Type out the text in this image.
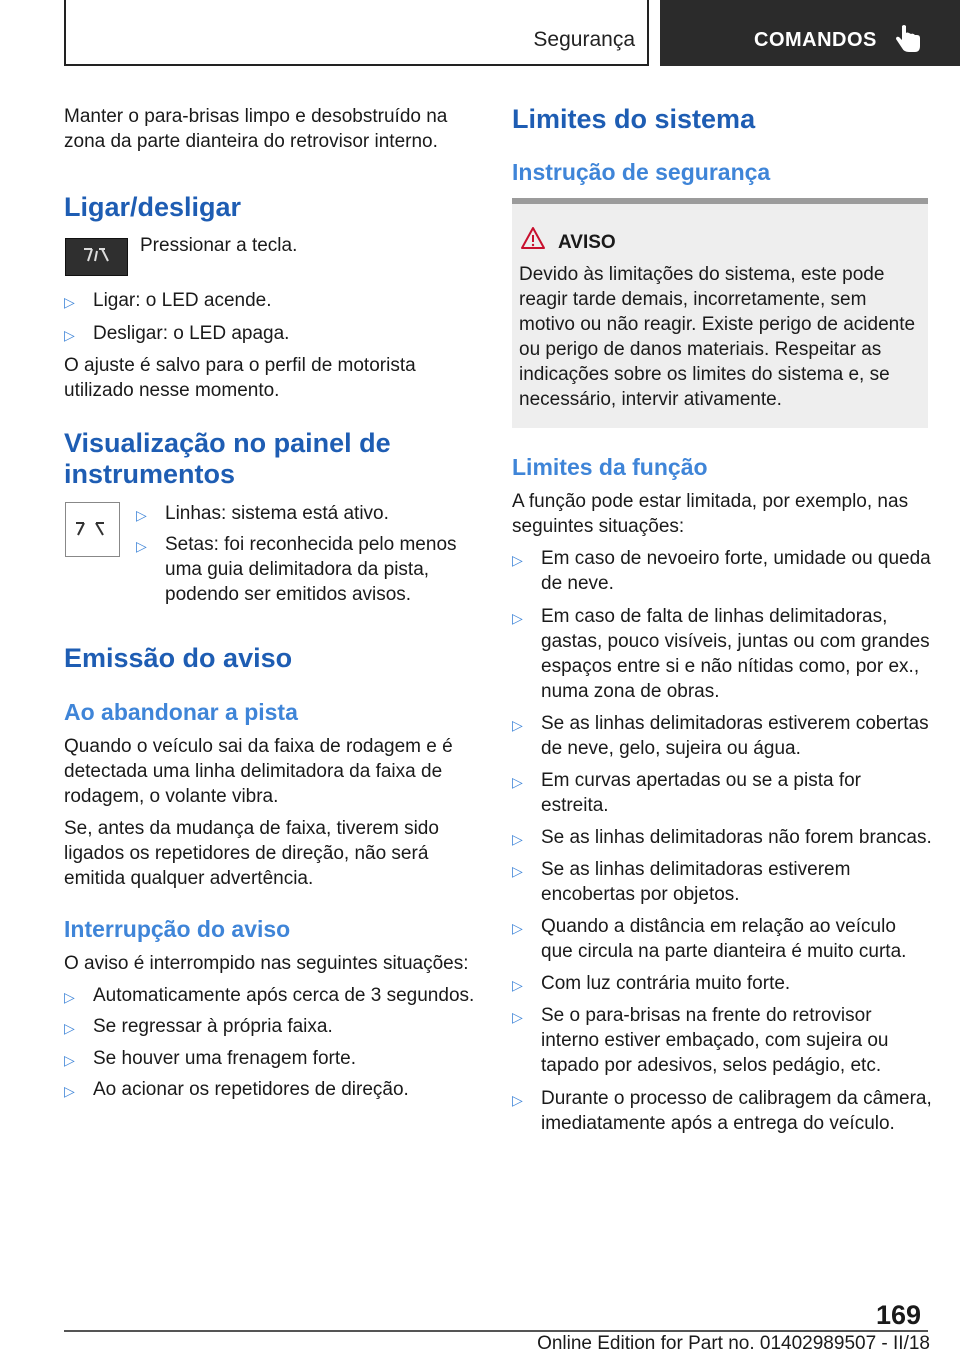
Segurança	COMANDOS
Manter o para-brisas limpo e desobstruído na zona da parte dianteira do retrovisor interno.
Ligar/desligar
Pressionar a tecla.
▷ Ligar: o LED acende.
▷ Desligar: o LED apaga.
O ajuste é salvo para o perfil de motorista utilizado nesse momento.
Visualização no painel de instrumentos
▷ Linhas: sistema está ativo.
▷ Setas: foi reconhecida pelo menos uma guia delimitadora da pista, podendo ser emitidos avisos.
Emissão do aviso
Ao abandonar a pista
Quando o veículo sai da faixa de rodagem e é detectada uma linha delimitadora da faixa de rodagem, o volante vibra.
Se, antes da mudança de faixa, tiverem sido ligados os repetidores de direção, não será emitida qualquer advertência.
Interrupção do aviso
O aviso é interrompido nas seguintes situações:
▷ Automaticamente após cerca de 3 segundos.
▷ Se regressar à própria faixa.
▷ Se houver uma frenagem forte.
▷ Ao acionar os repetidores de direção.
Limites do sistema
Instrução de segurança
AVISO
Devido às limitações do sistema, este pode reagir tarde demais, incorretamente, sem motivo ou não reagir. Existe perigo de acidente ou perigo de danos materiais. Respeitar as indicações sobre os limites do sistema e, se necessário, intervir ativamente.
Limites da função
A função pode estar limitada, por exemplo, nas seguintes situações:
▷ Em caso de nevoeiro forte, umidade ou queda de neve.
▷ Em caso de falta de linhas delimitadoras, gastas, pouco visíveis, juntas ou com grandes espaços entre si e não nítidas como, por ex., numa zona de obras.
▷ Se as linhas delimitadoras estiverem cobertas de neve, gelo, sujeira ou água.
▷ Em curvas apertadas ou se a pista for estreita.
▷ Se as linhas delimitadoras não forem brancas.
▷ Se as linhas delimitadoras estiverem encobertas por objetos.
▷ Quando a distância em relação ao veículo que circula na parte dianteira é muito curta.
▷ Com luz contrária muito forte.
▷ Se o para-brisas na frente do retrovisor interno estiver embaçado, com sujeira ou tapado por adesivos, selos pedágio, etc.
▷ Durante o processo de calibragem da câmera, imediatamente após a entrega do veículo.
169
Online Edition for Part no. 01402989507 - II/18
